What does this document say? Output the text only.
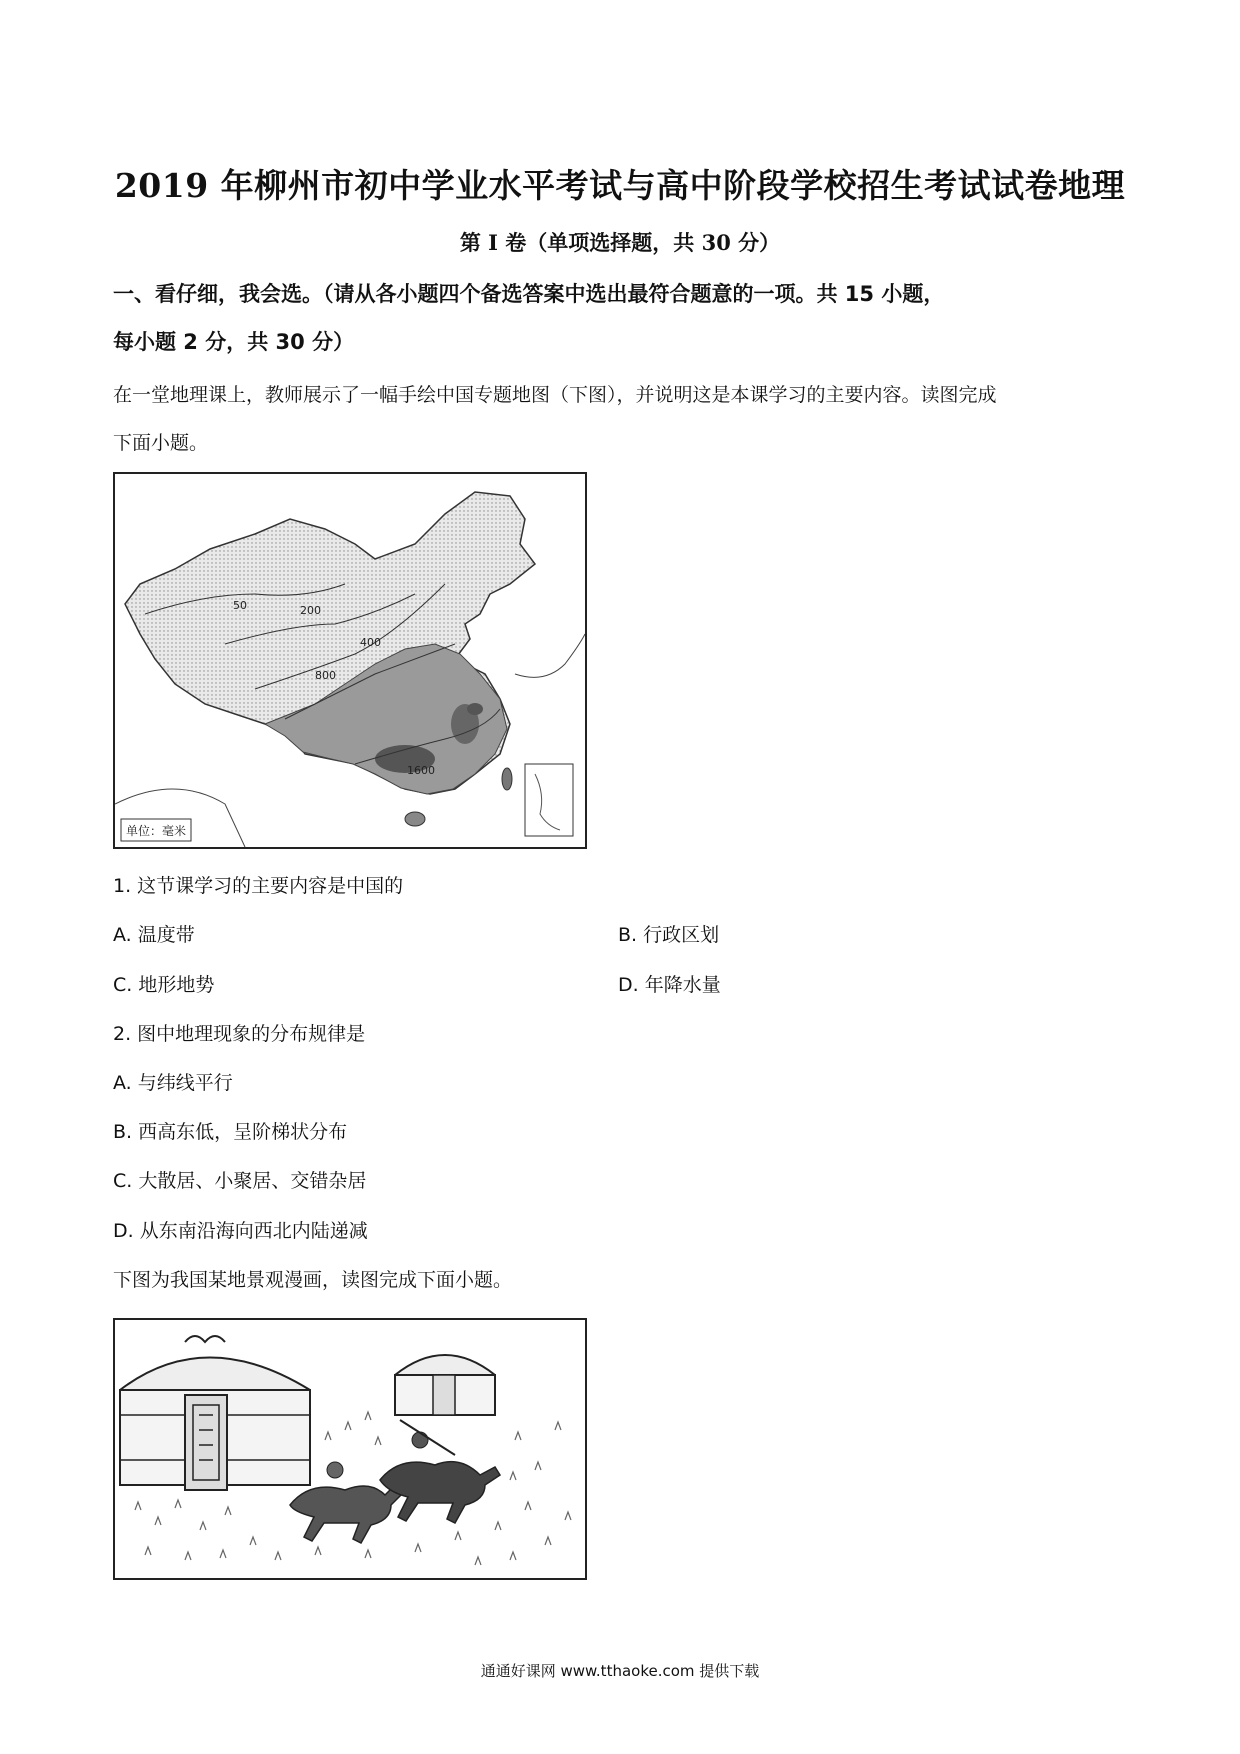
2019 年柳州市初中学业水平考试与高中阶段学校招生考试试卷地理
第 I 卷（单项选择题，共 30 分）
一、看仔细，我会选。（请从各小题四个备选答案中选出最符合题意的一项。共 15 小题，
每小题 2 分，共 30 分）
在一堂地理课上，教师展示了一幅手绘中国专题地图（下图），并说明这是本课学习的主要内容。读图完成
下面小题。
50	200
400
800
1600
单位：毫米
1. 这节课学习的主要内容是中国的
A. 温度带	B. 行政区划
C. 地形地势	D. 年降水量
2. 图中地理现象的分布规律是
A. 与纬线平行
B. 西高东低，呈阶梯状分布
C. 大散居、小聚居、交错杂居
D. 从东南沿海向西北内陆递减
下图为我国某地景观漫画，读图完成下面小题。
通通好课网 www.tthaoke.com 提供下载
